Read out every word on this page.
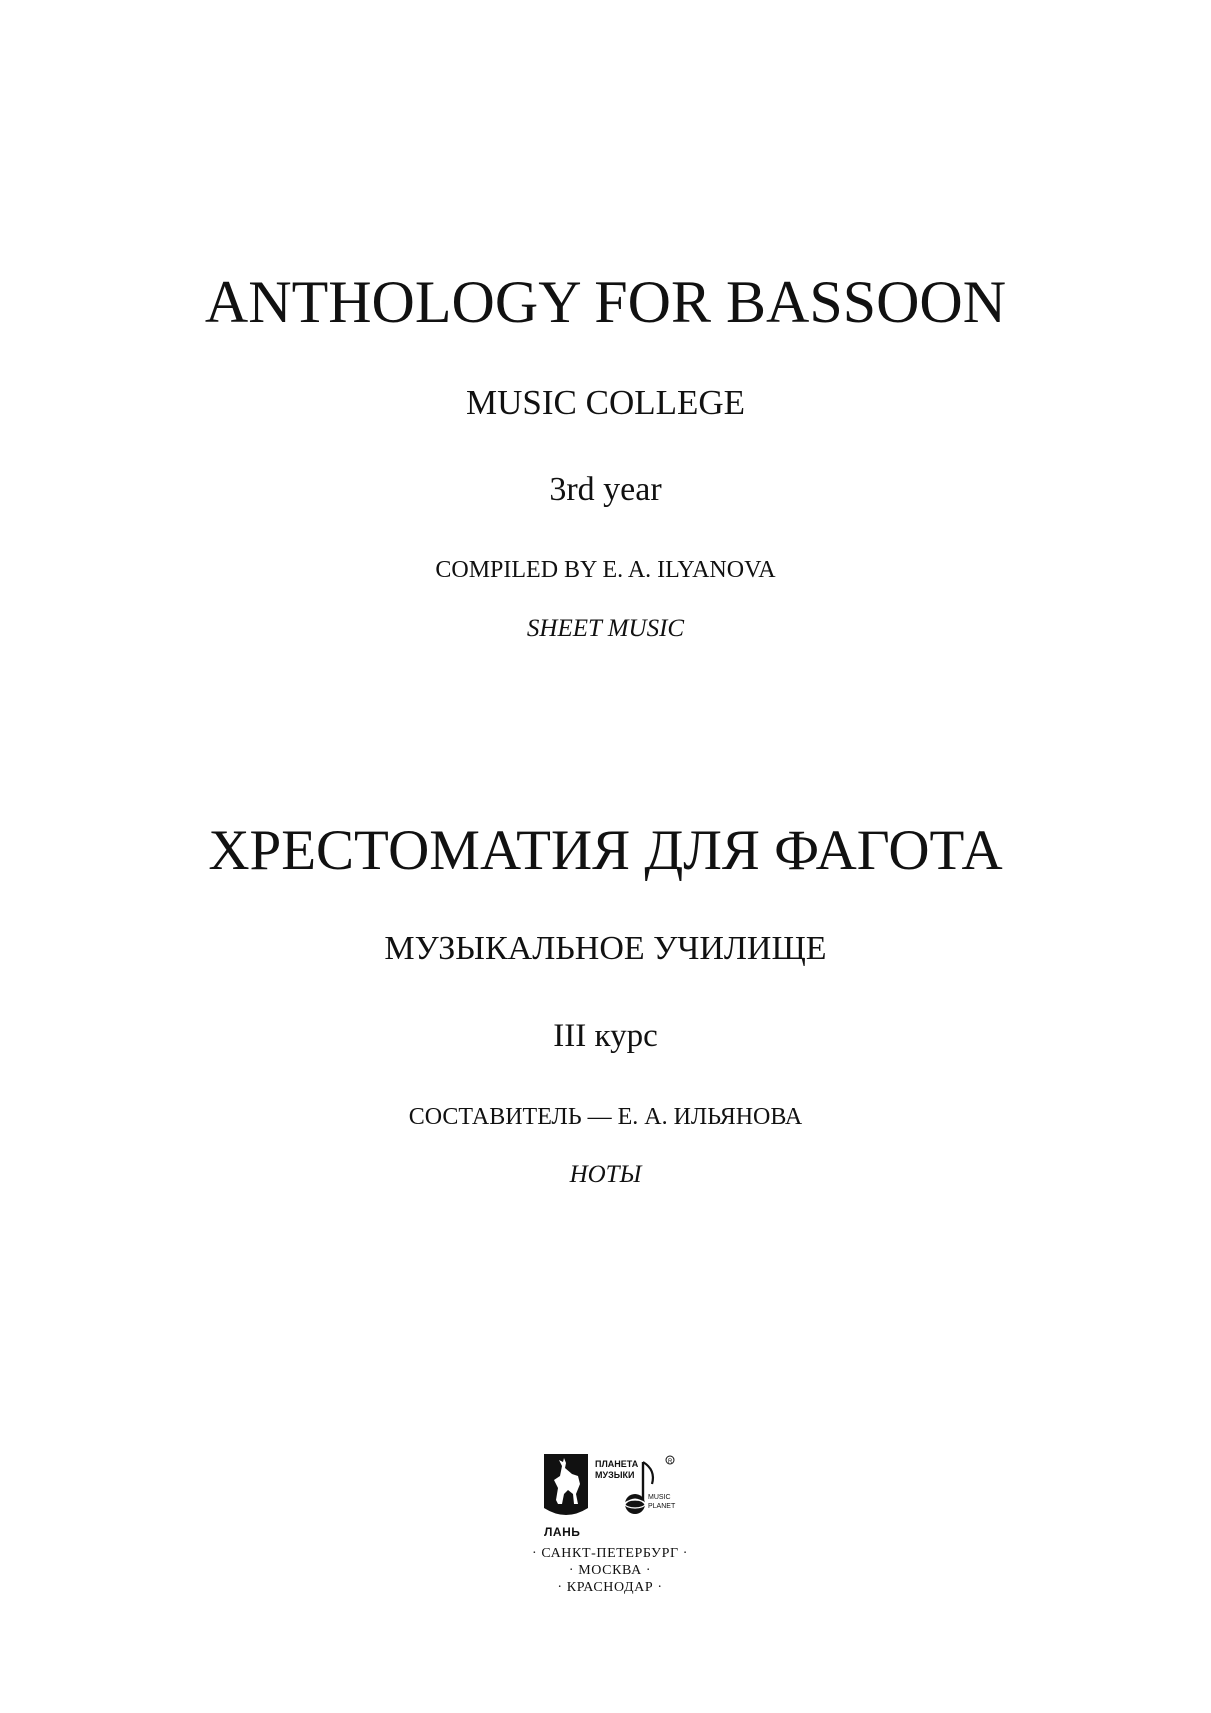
ANTHOLOGY FOR BASSOON
MUSIC COLLEGE
3rd year
COMPILED BY E. A. ILYANOVA
SHEET MUSIC
ХРЕСТОМАТИЯ ДЛЯ ФАГОТА
МУЗЫКАЛЬНОЕ УЧИЛИЩЕ
III курс
СОСТАВИТЕЛЬ — Е. А. ИЛЬЯНОВА
НОТЫ
R
ЛАНЬ
ПЛАНЕТА
МУЗЫКИ
MUSIC
PLANET
· САНКТ-ПЕТЕРБУРГ ·
· МОСКВА ·
· КРАСНОДАР ·
